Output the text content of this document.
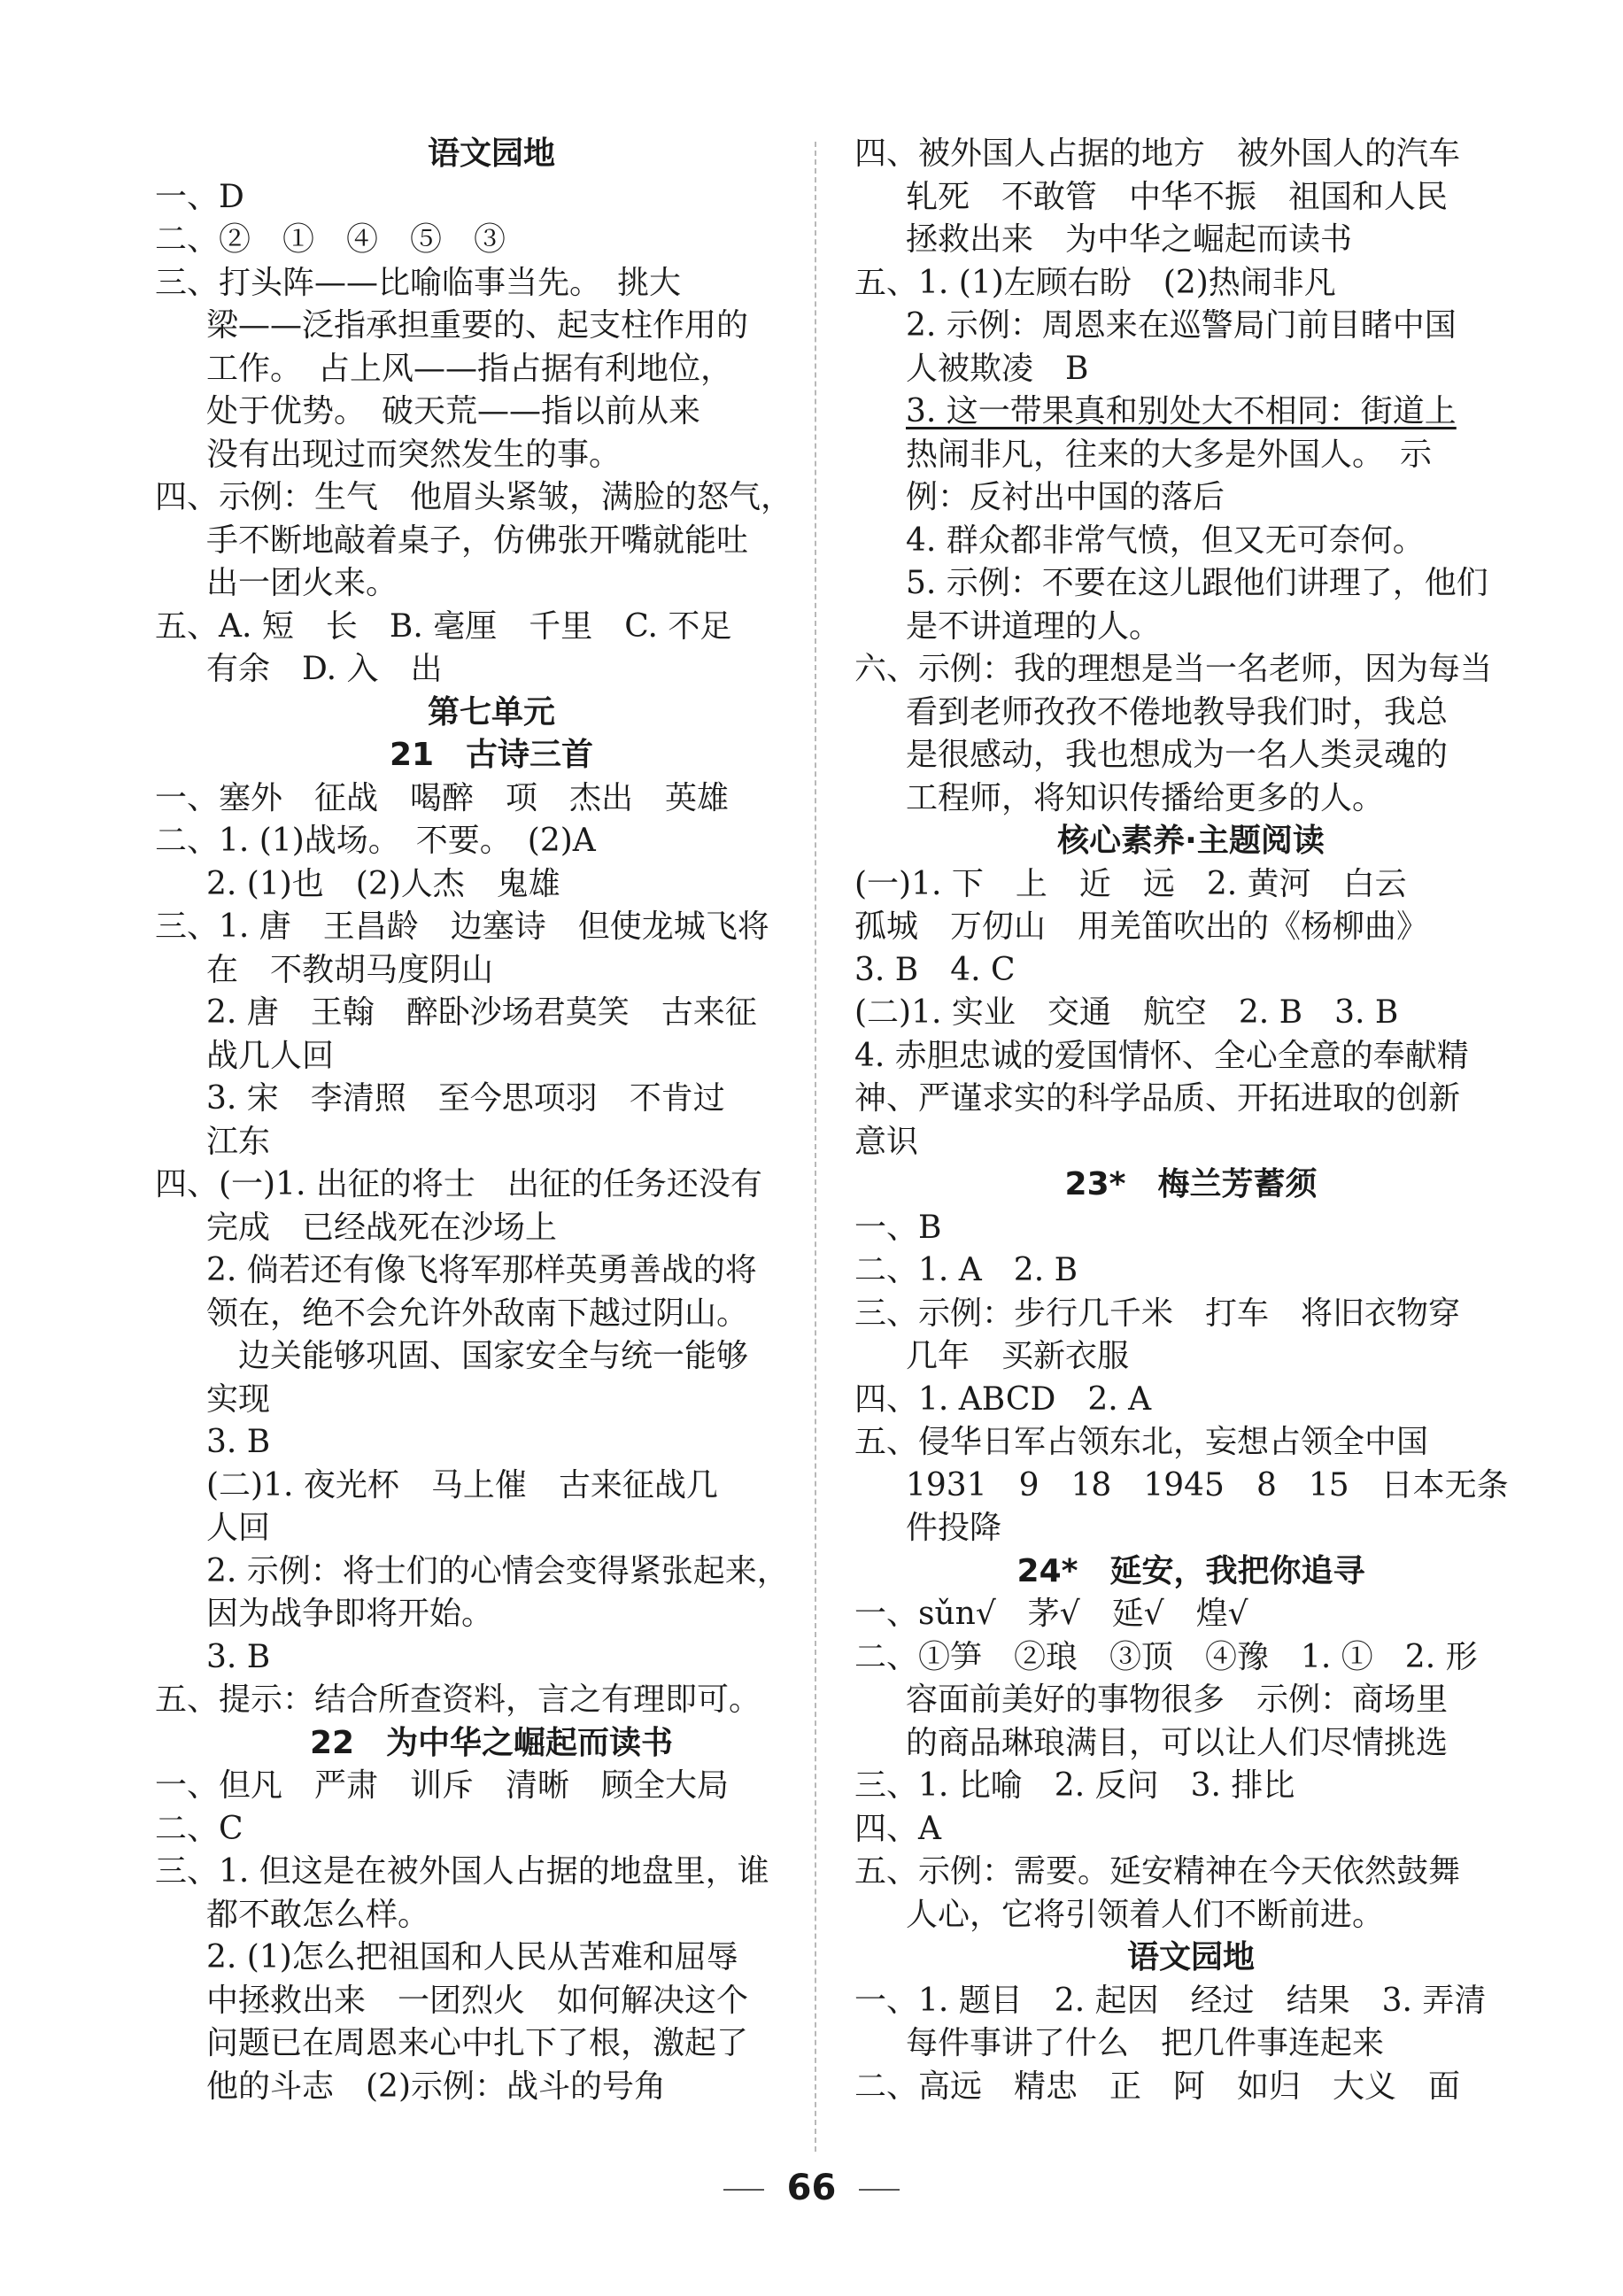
语文园地
一、D
二、②　①　④　⑤　③
三、打头阵——比喻临事当先。　挑大
梁——泛指承担重要的、起支柱作用的
工作。　占上风——指占据有利地位，
处于优势。　破天荒——指以前从来
没有出现过而突然发生的事。
四、示例：生气　他眉头紧皱，满脸的怒气，
手不断地敲着桌子，仿佛张开嘴就能吐
出一团火来。
五、A. 短　长　B. 毫厘　千里　C. 不足
有余　D. 入　出
第七单元
21　古诗三首
一、塞外　征战　喝醉　项　杰出　英雄
二、1. (1)战场。　不要。　(2)A
2. (1)也　(2)人杰　鬼雄
三、1. 唐　王昌龄　边塞诗　但使龙城飞将
在　不教胡马度阴山
2. 唐　王翰　醉卧沙场君莫笑　古来征
战几人回
3. 宋　李清照　至今思项羽　不肯过
江东
四、(一)1. 出征的将士　出征的任务还没有
完成　已经战死在沙场上
2. 倘若还有像飞将军那样英勇善战的将
领在，绝不会允许外敌南下越过阴山。
　边关能够巩固、国家安全与统一能够
实现
3. B
(二)1. 夜光杯　马上催　古来征战几
人回
2. 示例：将士们的心情会变得紧张起来，
因为战争即将开始。
3. B
五、提示：结合所查资料，言之有理即可。
22　为中华之崛起而读书
一、但凡　严肃　训斥　清晰　顾全大局
二、C
三、1. 但这是在被外国人占据的地盘里，谁
都不敢怎么样。
2. (1)怎么把祖国和人民从苦难和屈辱
中拯救出来　一团烈火　如何解决这个
问题已在周恩来心中扎下了根，激起了
他的斗志　(2)示例：战斗的号角
四、被外国人占据的地方　被外国人的汽车
轧死　不敢管　中华不振　祖国和人民
拯救出来　为中华之崛起而读书
五、1. (1)左顾右盼　(2)热闹非凡
2. 示例：周恩来在巡警局门前目睹中国
人被欺凌　B
3. 这一带果真和别处大不相同：街道上
热闹非凡，往来的大多是外国人。　示
例：反衬出中国的落后
4. 群众都非常气愤，但又无可奈何。
5. 示例：不要在这儿跟他们讲理了，他们
是不讲道理的人。
六、示例：我的理想是当一名老师，因为每当
看到老师孜孜不倦地教导我们时，我总
是很感动，我也想成为一名人类灵魂的
工程师，将知识传播给更多的人。
核心素养·主题阅读
(一)1. 下　上　近　远　2. 黄河　白云
孤城　万仞山　用羌笛吹出的《杨柳曲》
3. B　4. C
(二)1. 实业　交通　航空　2. B　3. B
4. 赤胆忠诚的爱国情怀、全心全意的奉献精
神、严谨求实的科学品质、开拓进取的创新
意识
23*　梅兰芳蓄须
一、B
二、1. A　2. B
三、示例：步行几千米　打车　将旧衣物穿
几年　买新衣服
四、1. ABCD　2. A
五、侵华日军占领东北，妄想占领全中国
1931　9　18　1945　8　15　日本无条
件投降
24*　延安，我把你追寻
一、sǔn√　茅√　延√　煌√
二、①笋　②琅　③顶　④豫　1. ①　2. 形
容面前美好的事物很多　示例：商场里
的商品琳琅满目，可以让人们尽情挑选
三、1. 比喻　2. 反问　3. 排比
四、A
五、示例：需要。延安精神在今天依然鼓舞
人心，它将引领着人们不断前进。
语文园地
一、1. 题目　2. 起因　经过　结果　3. 弄清
每件事讲了什么　把几件事连起来
二、高远　精忠　正　阿　如归　大义　面
66
